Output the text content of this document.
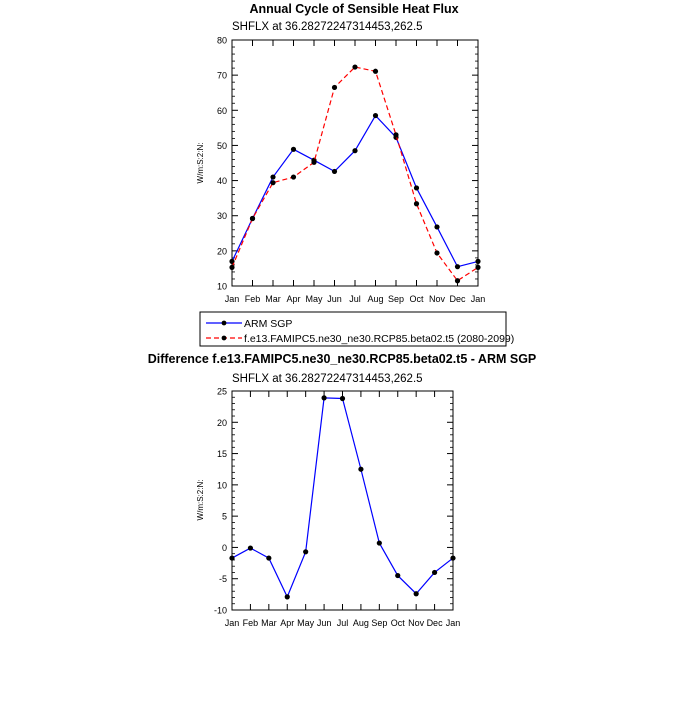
Annual Cycle of Sensible Heat Flux
SHFLX at 36.28272247314453,262.5
W/m:S:2:N:
10
20
30
40
50
60
70
80
Jan Feb Mar Apr May Jun Jul Aug Sep Oct Nov Dec Jan
ARM SGP
f.e13.FAMIPC5.ne30_ne30.RCP85.beta02.t5 (2080-2099)
Difference f.e13.FAMIPC5.ne30_ne30.RCP85.beta02.t5 - ARM SGP
SHFLX at 36.28272247314453,262.5
W/m:S:2:N:
-10
-5
0
5
10
15
20
25
Jan Feb Mar Apr May Jun Jul Aug Sep Oct Nov Dec Jan
